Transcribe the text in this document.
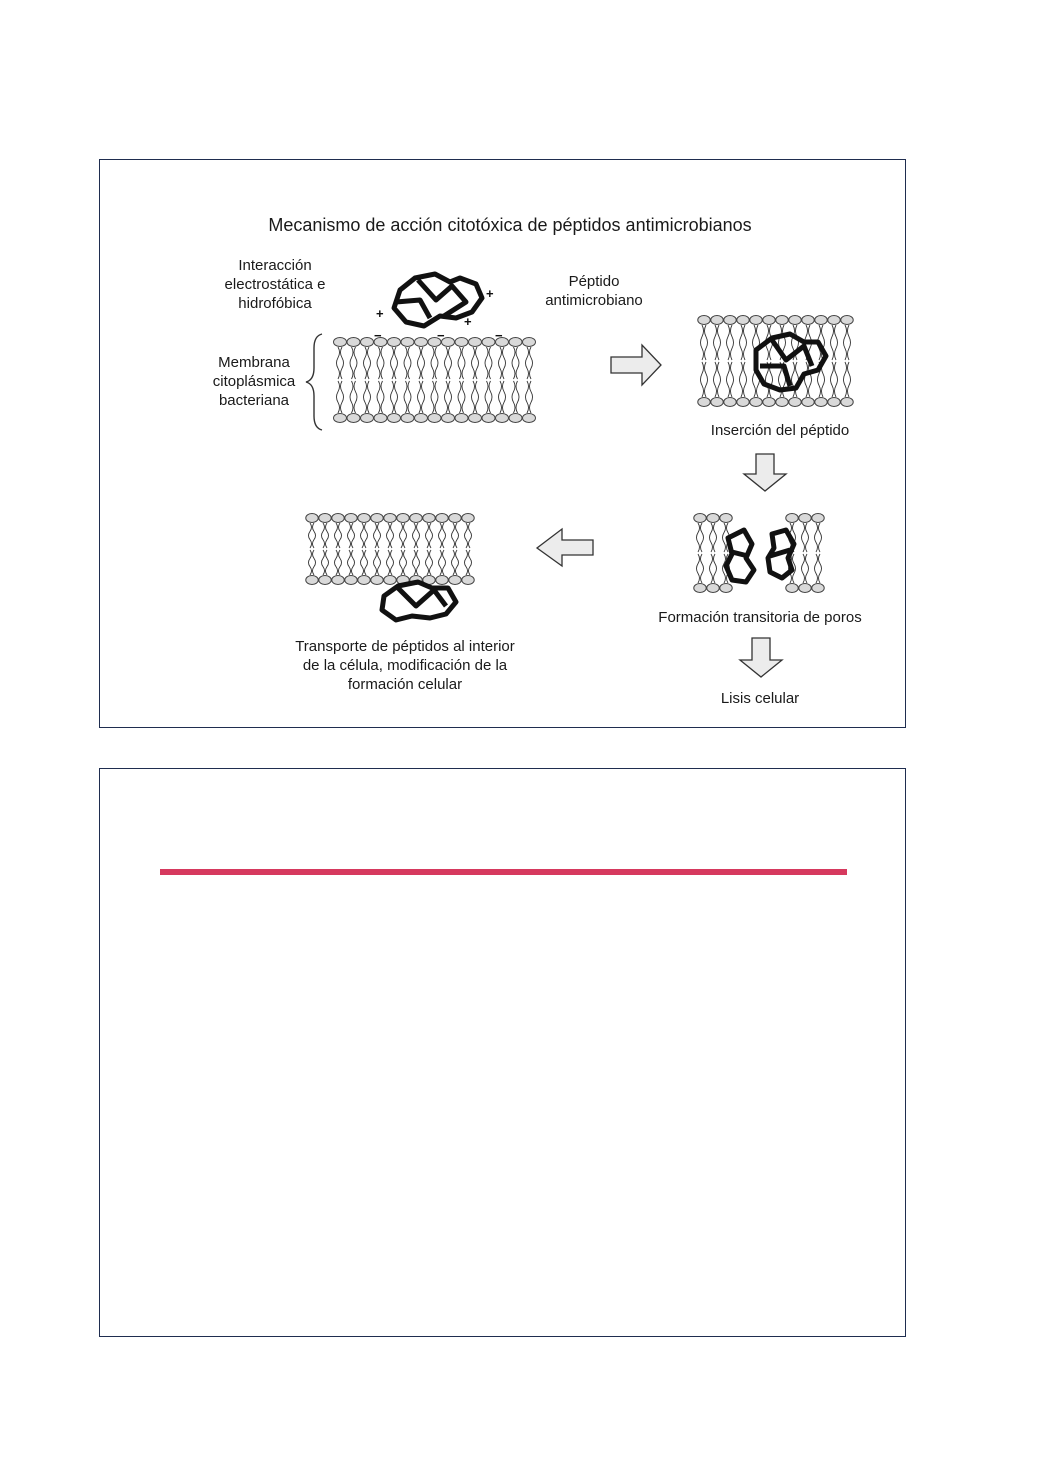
Mecanismo de acción citotóxica de péptidos antimicrobianos
Interacción
electrostática e
hidrofóbica
Péptido
antimicrobiano
Membrana
citoplásmica
bacteriana
Inserción del péptido
Formación transitoria de poros
Lisis celular
Transporte de péptidos al interior
de la célula, modificación de la
formación celular
+
+
+
−	−	−
